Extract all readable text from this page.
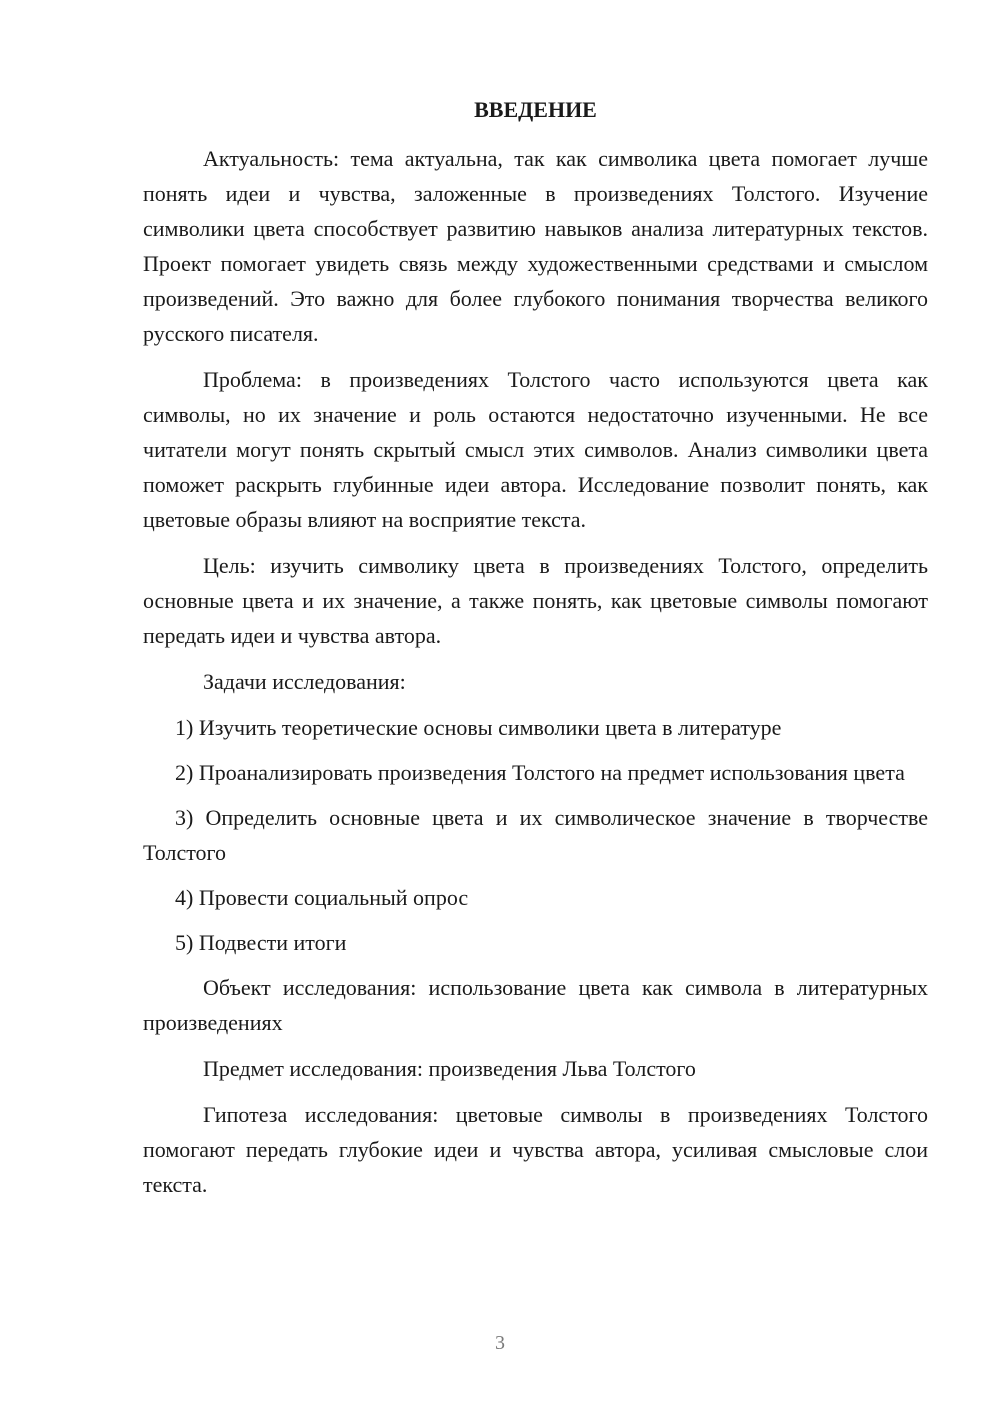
ВВЕДЕНИЕ

Актуальность: тема актуальна, так как символика цвета помогает лучше понять идеи и чувства, заложенные в произведениях Толстого. Изучение символики цвета способствует развитию навыков анализа литературных текстов. Проект помогает увидеть связь между художественными средствами и смыслом произведений. Это важно для более глубокого понимания творчества великого русского писателя.

Проблема: в произведениях Толстого часто используются цвета как символы, но их значение и роль остаются недостаточно изученными. Не все читатели могут понять скрытый смысл этих символов. Анализ символики цвета поможет раскрыть глубинные идеи автора. Исследование позволит понять, как цветовые образы влияют на восприятие текста.

Цель: изучить символику цвета в произведениях Толстого, определить основные цвета и их значение, а также понять, как цветовые символы помогают передать идеи и чувства автора.

Задачи исследования:

1) Изучить теоретические основы символики цвета в литературе

2) Проанализировать произведения Толстого на предмет использования цвета

3) Определить основные цвета и их символическое значение в творчестве Толстого

4) Провести социальный опрос

5) Подвести итоги

Объект исследования: использование цвета как символа в литературных произведениях

Предмет исследования: произведения Льва Толстого

Гипотеза исследования: цветовые символы в произведениях Толстого помогают передать глубокие идеи и чувства автора, усиливая смысловые слои текста.

3
